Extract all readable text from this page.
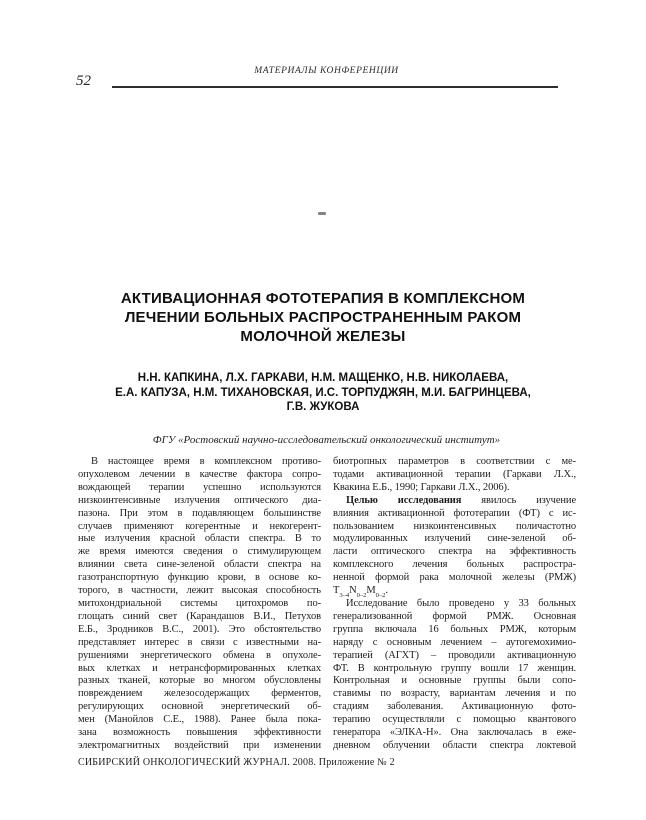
52
МАТЕРИАЛЫ КОНФЕРЕНЦИИ
АКТИВАЦИОННАЯ ФОТОТЕРАПИЯ В КОМПЛЕКСНОМ
ЛЕЧЕНИИ БОЛЬНЫХ РАСПРОСТРАНЕННЫМ РАКОМ
МОЛОЧНОЙ ЖЕЛЕЗЫ
Н.Н. КАПКИНА, Л.Х. ГАРКАВИ, Н.М. МАЩЕНКО, Н.В. НИКОЛАЕВА,
Е.А. КАПУЗА, Н.М. ТИХАНОВСКАЯ, И.С. ТОРПУДЖЯН, М.И. БАГРИНЦЕВА,
Г.В. ЖУКОВА
ФГУ «Ростовский научно-исследовательский онкологический институт»
В настоящее время в комплексном противо-
опухолевом лечении в качестве фактора сопро-
вождающей терапии успешно используются
низкоинтенсивные излучения оптического диа-
пазона. При этом в подавляющем большинстве
случаев применяют когерентные и некогерент-
ные излучения красной области спектра. В то
же время имеются сведения о стимулирующем
влиянии света сине-зеленой области спектра на
газотранспортную функцию крови, в основе ко-
торого, в частности, лежит высокая способность
митохондриальной системы цитохромов по-
глощать синий свет (Карандашов В.И., Петухов
Е.Б., Зродников В.С., 2001). Это обстоятельство
представляет интерес в связи с известными на-
рушениями энергетического обмена в опухоле-
вых клетках и нетрансформированных клетках
разных тканей, которые во многом обусловлены
повреждением железосодержащих ферментов,
регулирующих основной энергетический об-
мен (Манойлов С.Е., 1988). Ранее была пока-
зана возможность повышения эффективности
электромагнитных воздействий при изменении
биотропных параметров в соответствии с ме-
тодами активационной терапии (Гаркави Л.Х.,
Квакина Е.Б., 1990; Гаркави Л.Х., 2006).
Целью исследования явилось изучение
влияния активационной фототерапии (ФТ) с ис-
пользованием низкоинтенсивных поличастотно
модулированных излучений сине-зеленой об-
ласти оптического спектра на эффективность
комплексного лечения больных распростра-
ненной формой рака молочной железы (РМЖ)
$T_{3-4}N_{0-2}M_{0-2}$.
Исследование было проведено у 33 больных
генерализованной формой РМЖ. Основная
группа включала 16 больных РМЖ, которым
наряду с основным лечением – аутогемохимио-
терапией (АГХТ) – проводили активационную
ФТ. В контрольную группу вошли 17 женщин.
Контрольная и основные группы были сопо-
ставимы по возрасту, вариантам лечения и по
стадиям заболевания. Активационную фото-
терапию осуществляли с помощью квантового
генератора «ЭЛКА-Н». Она заключалась в еже-
дневном облучении области спектра локтевой
СИБИРСКИЙ ОНКОЛОГИЧЕСКИЙ ЖУРНАЛ. 2008. Приложение № 2
